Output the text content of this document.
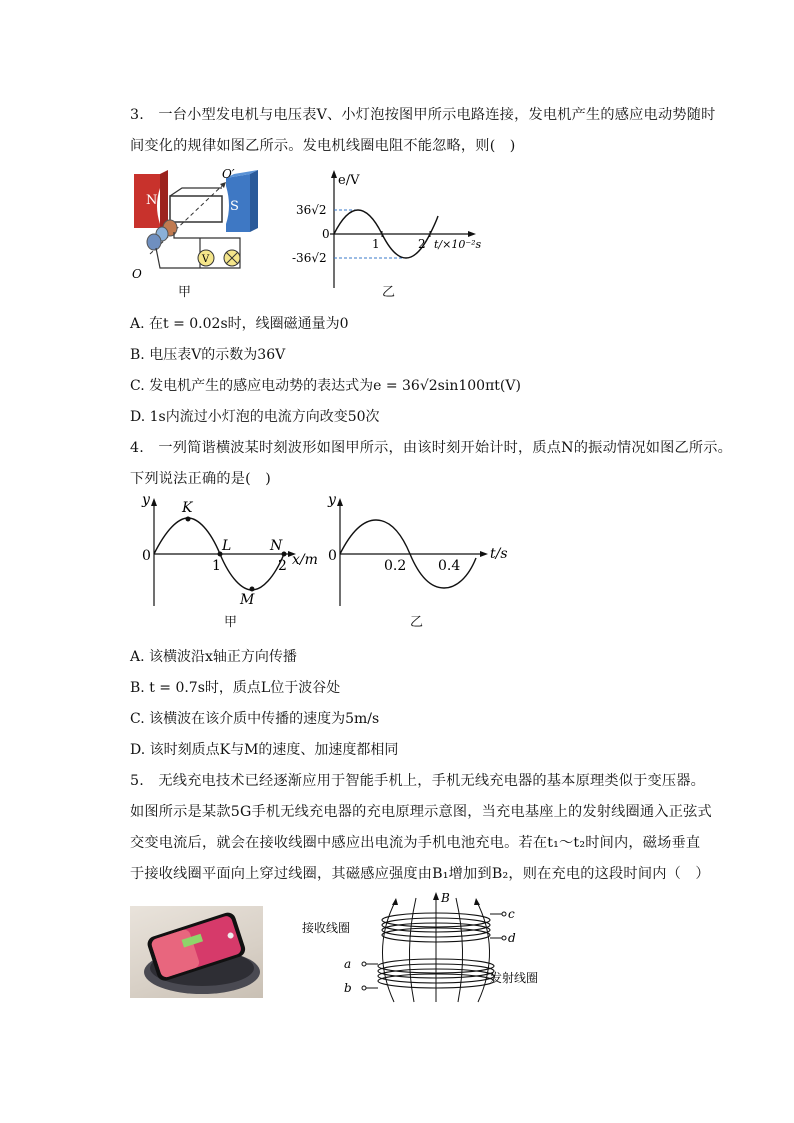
3.　一台小型发电机与电压表V、小灯泡按图甲所示电路连接，发电机产生的感应电动势随时
间变化的规律如图乙所示。发电机线圈电阻不能忽略，则(　)
N	S
O′
O
V
甲
e/V
36√2
0
-36√2
1	2 t/×10⁻²s
乙
A. 在t = 0.02s时，线圈磁通量为0
B. 电压表V的示数为36V
C. 发电机产生的感应电动势的表达式为e = 36√2sin100πt(V)
D. 1s内流过小灯泡的电流方向改变50次
4.　一列简谐横波某时刻波形如图甲所示，由该时刻开始计时，质点N的振动情况如图乙所示。
下列说法正确的是(　)
y
0
K
L
M
N
1	2 x/m
甲
y
0
0.2 0.4
t/s
乙
A. 该横波沿x轴正方向传播
B. t = 0.7s时，质点L位于波谷处
C. 该横波在该介质中传播的速度为5m/s
D. 该时刻质点K与M的速度、加速度都相同
5.　无线充电技术已经逐渐应用于智能手机上，手机无线充电器的基本原理类似于变压器。
如图所示是某款5G手机无线充电器的充电原理示意图，当充电基座上的发射线圈通入正弦式
交变电流后，就会在接收线圈中感应出电流为手机电池充电。若在t₁～t₂时间内，磁场垂直
于接收线圈平面向上穿过线圈，其磁感应强度由B₁增加到B₂，则在充电的这段时间内（　）
B
接收线圈
发射线圈
a
b
c
d
